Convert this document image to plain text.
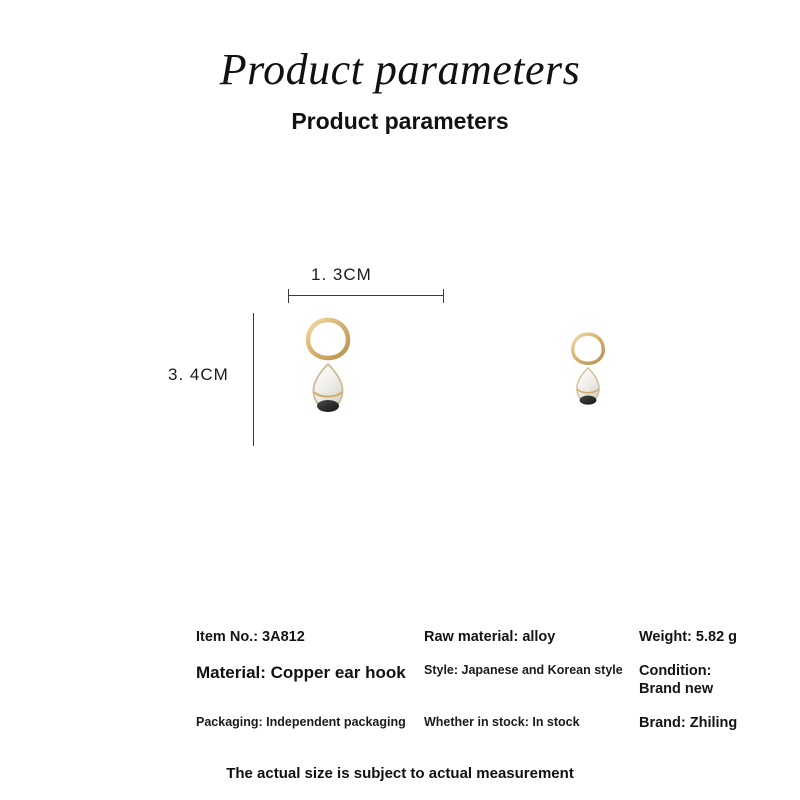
Product parameters
Product parameters
1. 3CM
3. 4CM
Item No.: 3A812	Raw material: alloy	Weight: 5.82 g
Material: Copper ear hook	Style: Japanese and Korean style	Condition: Brand new
Packaging: Independent packaging	Whether in stock: In stock	Brand: Zhiling
The actual size is subject to actual measurement
